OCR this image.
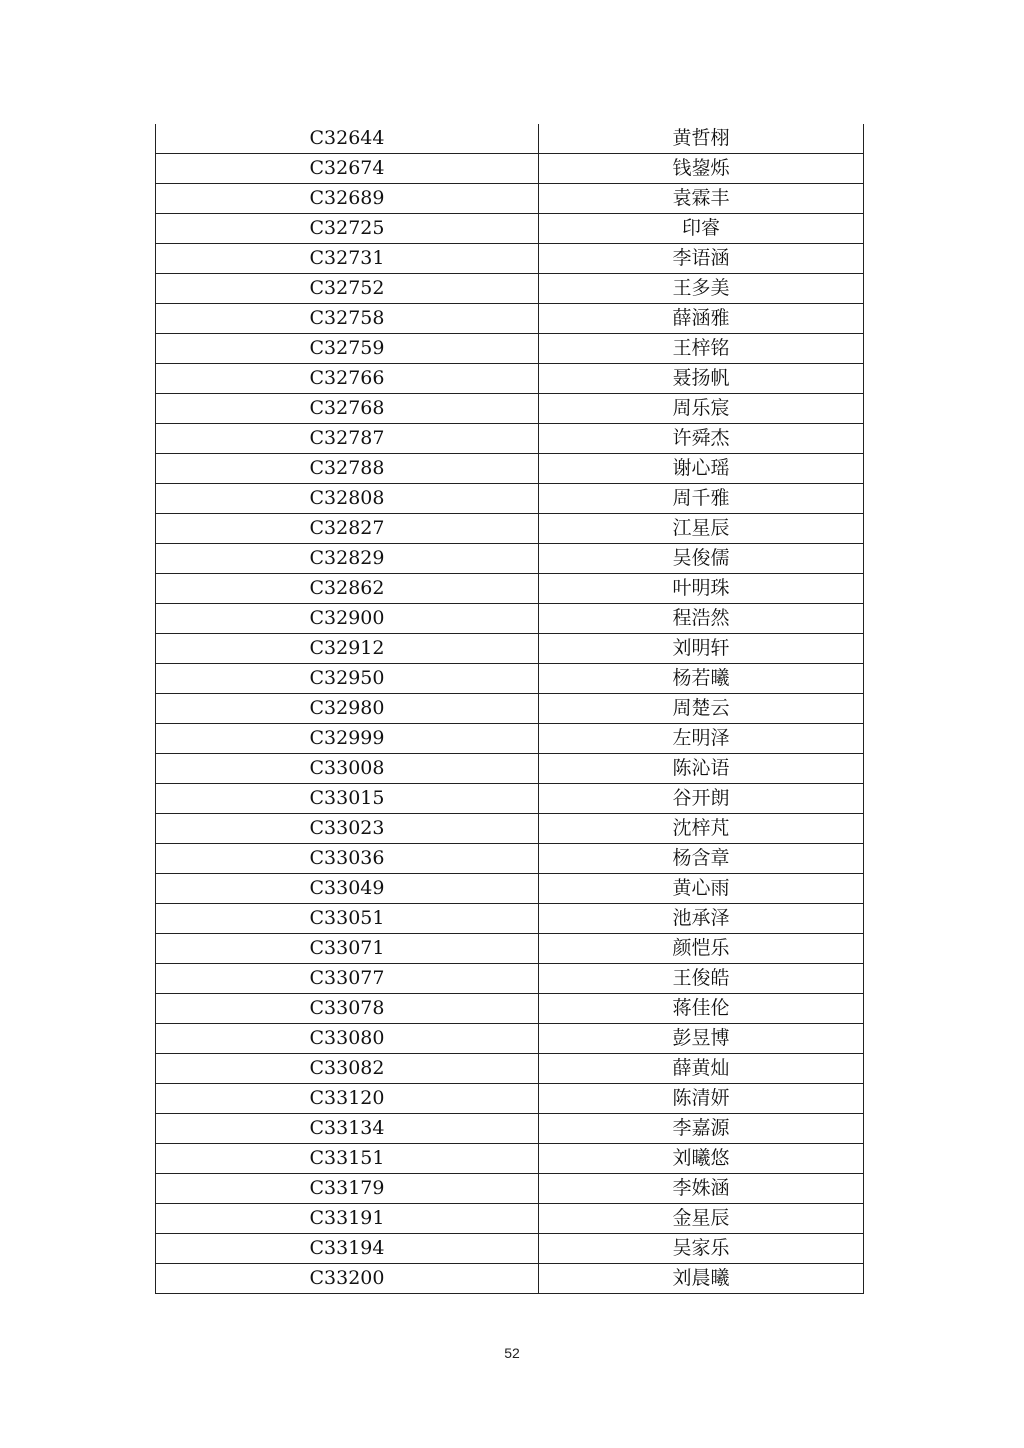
C32644	黄哲栩
C32674	钱鋆烁
C32689	袁霖丰
C32725	印睿
C32731	李语涵
C32752	王多美
C32758	薛涵雅
C32759	王梓铭
C32766	聂扬帆
C32768	周乐宸
C32787	许舜杰
C32788	谢心瑶
C32808	周千雅
C32827	江星辰
C32829	吴俊儒
C32862	叶明珠
C32900	程浩然
C32912	刘明轩
C32950	杨若曦
C32980	周楚云
C32999	左明泽
C33008	陈沁语
C33015	谷开朗
C33023	沈梓芃
C33036	杨含章
C33049	黄心雨
C33051	池承泽
C33071	颜恺乐
C33077	王俊皓
C33078	蒋佳伦
C33080	彭昱博
C33082	薛黄灿
C33120	陈清妍
C33134	李嘉源
C33151	刘曦悠
C33179	李姝涵
C33191	金星辰
C33194	吴家乐
C33200	刘晨曦
52
